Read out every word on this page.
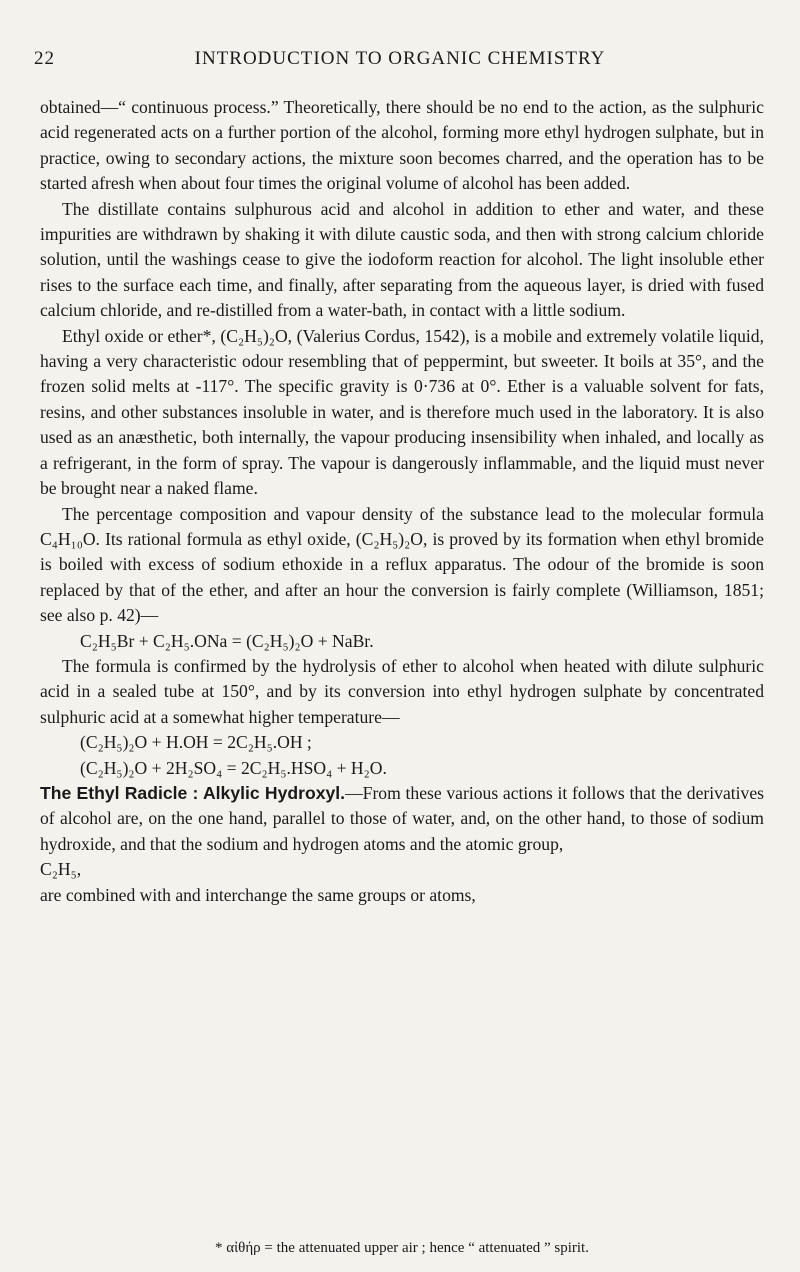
22	INTRODUCTION TO ORGANIC CHEMISTRY

obtained—“ continuous process.” Theoretically, there should be no end to the action, as the sulphuric acid regenerated acts on a further portion of the alcohol, forming more ethyl hydrogen sulphate, but in practice, owing to secondary actions, the mixture soon becomes charred, and the operation has to be started afresh when about four times the original volume of alcohol has been added.

The distillate contains sulphurous acid and alcohol in addition to ether and water, and these impurities are withdrawn by shaking it with dilute caustic soda, and then with strong calcium chloride solution, until the washings cease to give the iodoform reaction for alcohol. The light insoluble ether rises to the surface each time, and finally, after separating from the aqueous layer, is dried with fused calcium chloride, and re-distilled from a water-bath, in contact with a little sodium.

Ethyl oxide or ether*, (C₂H₅)₂O, (Valerius Cordus, 1542), is a mobile and extremely volatile liquid, having a very characteristic odour resembling that of peppermint, but sweeter. It boils at 35°, and the frozen solid melts at -117°. The specific gravity is 0·736 at 0°. Ether is a valuable solvent for fats, resins, and other substances insoluble in water, and is therefore much used in the laboratory. It is also used as an anæsthetic, both internally, the vapour producing insensibility when inhaled, and locally as a refrigerant, in the form of spray. The vapour is dangerously inflammable, and the liquid must never be brought near a naked flame.

The percentage composition and vapour density of the substance lead to the molecular formula C₄H₁₀O. Its rational formula as ethyl oxide, (C₂H₅)₂O, is proved by its formation when ethyl bromide is boiled with excess of sodium ethoxide in a reflux apparatus. The odour of the bromide is soon replaced by that of the ether, and after an hour the conversion is fairly complete (Williamson, 1851; see also p. 42)—

C₂H₅Br + C₂H₅.ONa = (C₂H₅)₂O + NaBr.

The formula is confirmed by the hydrolysis of ether to alcohol when heated with dilute sulphuric acid in a sealed tube at 150°, and by its conversion into ethyl hydrogen sulphate by concentrated sulphuric acid at a somewhat higher temperature—

(C₂H₅)₂O + H.OH = 2C₂H₅.OH ;

(C₂H₅)₂O + 2H₂SO₄ = 2C₂H₅.HSO₄ + H₂O.

The Ethyl Radicle : Alkylic Hydroxyl.—From these various actions it follows that the derivatives of alcohol are, on the one hand, parallel to those of water, and, on the other hand, to those of sodium hydroxide, and that the sodium and hydrogen atoms and the atomic group,

C₂H₅,

are combined with and interchange the same groups or atoms,

* αἰθήρ = the attenuated upper air ; hence “ attenuated ” spirit.
